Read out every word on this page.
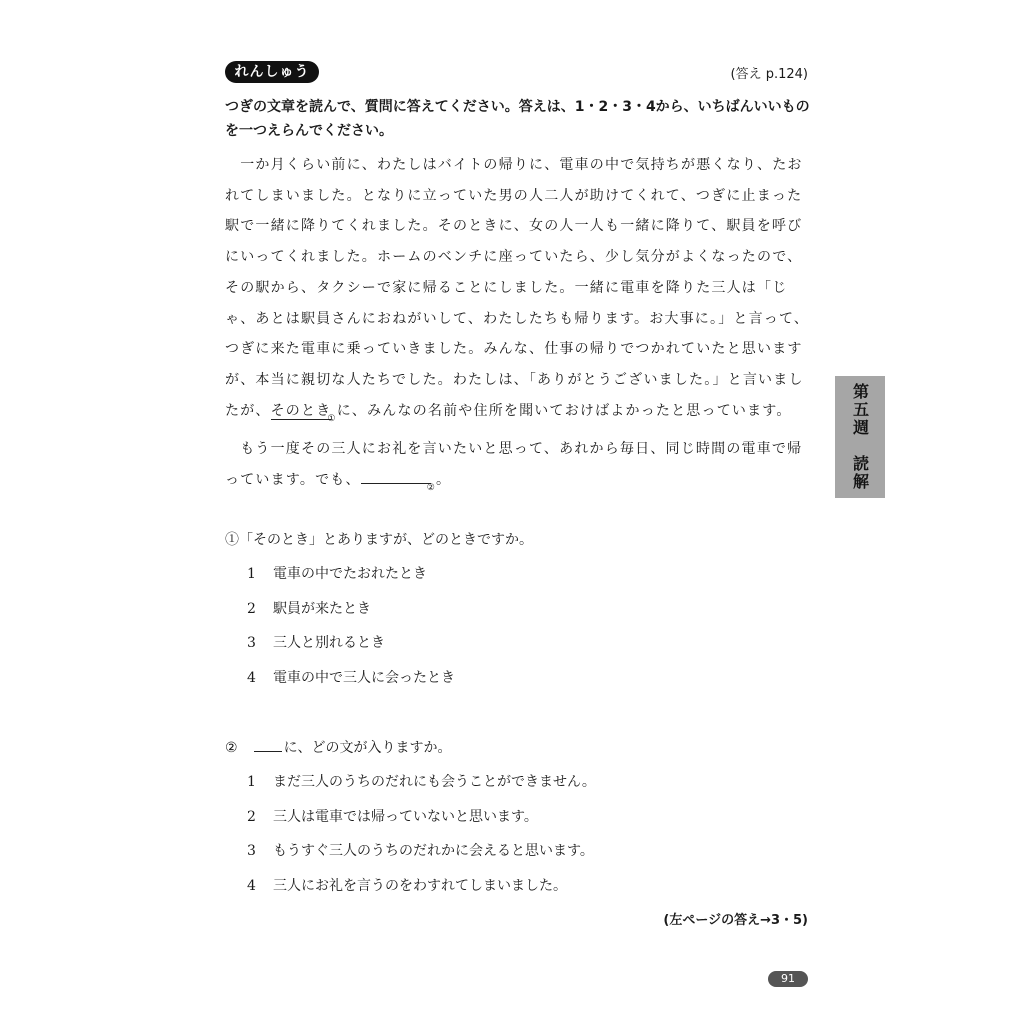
れんしゅう	(答え p.124)
つぎの文章を読んで、質問に答えてください。答えは、1・2・3・4から、いちばんいいものを一つえらんでください。

　一か月くらい前に、わたしはバイトの帰りに、電車の中で気持ちが悪くなり、たおれてしまいました。となりに立っていた男の人二人が助けてくれて、つぎに止まった駅で一緒に降りてくれました。そのときに、女の人一人も一緒に降りて、駅員を呼びにいってくれました。ホームのベンチに座っていたら、少し気分がよくなったので、その駅から、タクシーで家に帰ることにしました。一緒に電車を降りた三人は「じゃ、あとは駅員さんにおねがいして、わたしたちも帰ります。お大事に。」と言って、つぎに来た電車に乗っていきました。みんな、仕事の帰りでつかれていたと思いますが、本当に親切な人たちでした。わたしは、「ありがとうございました。」と言いましたが、そのとき$_①$に、みんなの名前や住所を聞いておけばよかったと思っています。

　もう一度その三人にお礼を言いたいと思って、あれから毎日、同じ時間の電車で帰っています。でも、	$_②$。

①「そのとき」とありますが、どのときですか。

1 電車の中でたおれたとき
2 駅員が来たとき
3 三人と別れるとき
4 電車の中で三人に会ったとき

②　	に、どの文が入りますか。

1 まだ三人のうちのだれにも会うことができません。
2 三人は電車では帰っていないと思います。
3 もうすぐ三人のうちのだれかに会えると思います。
4 三人にお礼を言うのをわすれてしまいました。
(左ページの答え→3・5)
第五週　読解
91
